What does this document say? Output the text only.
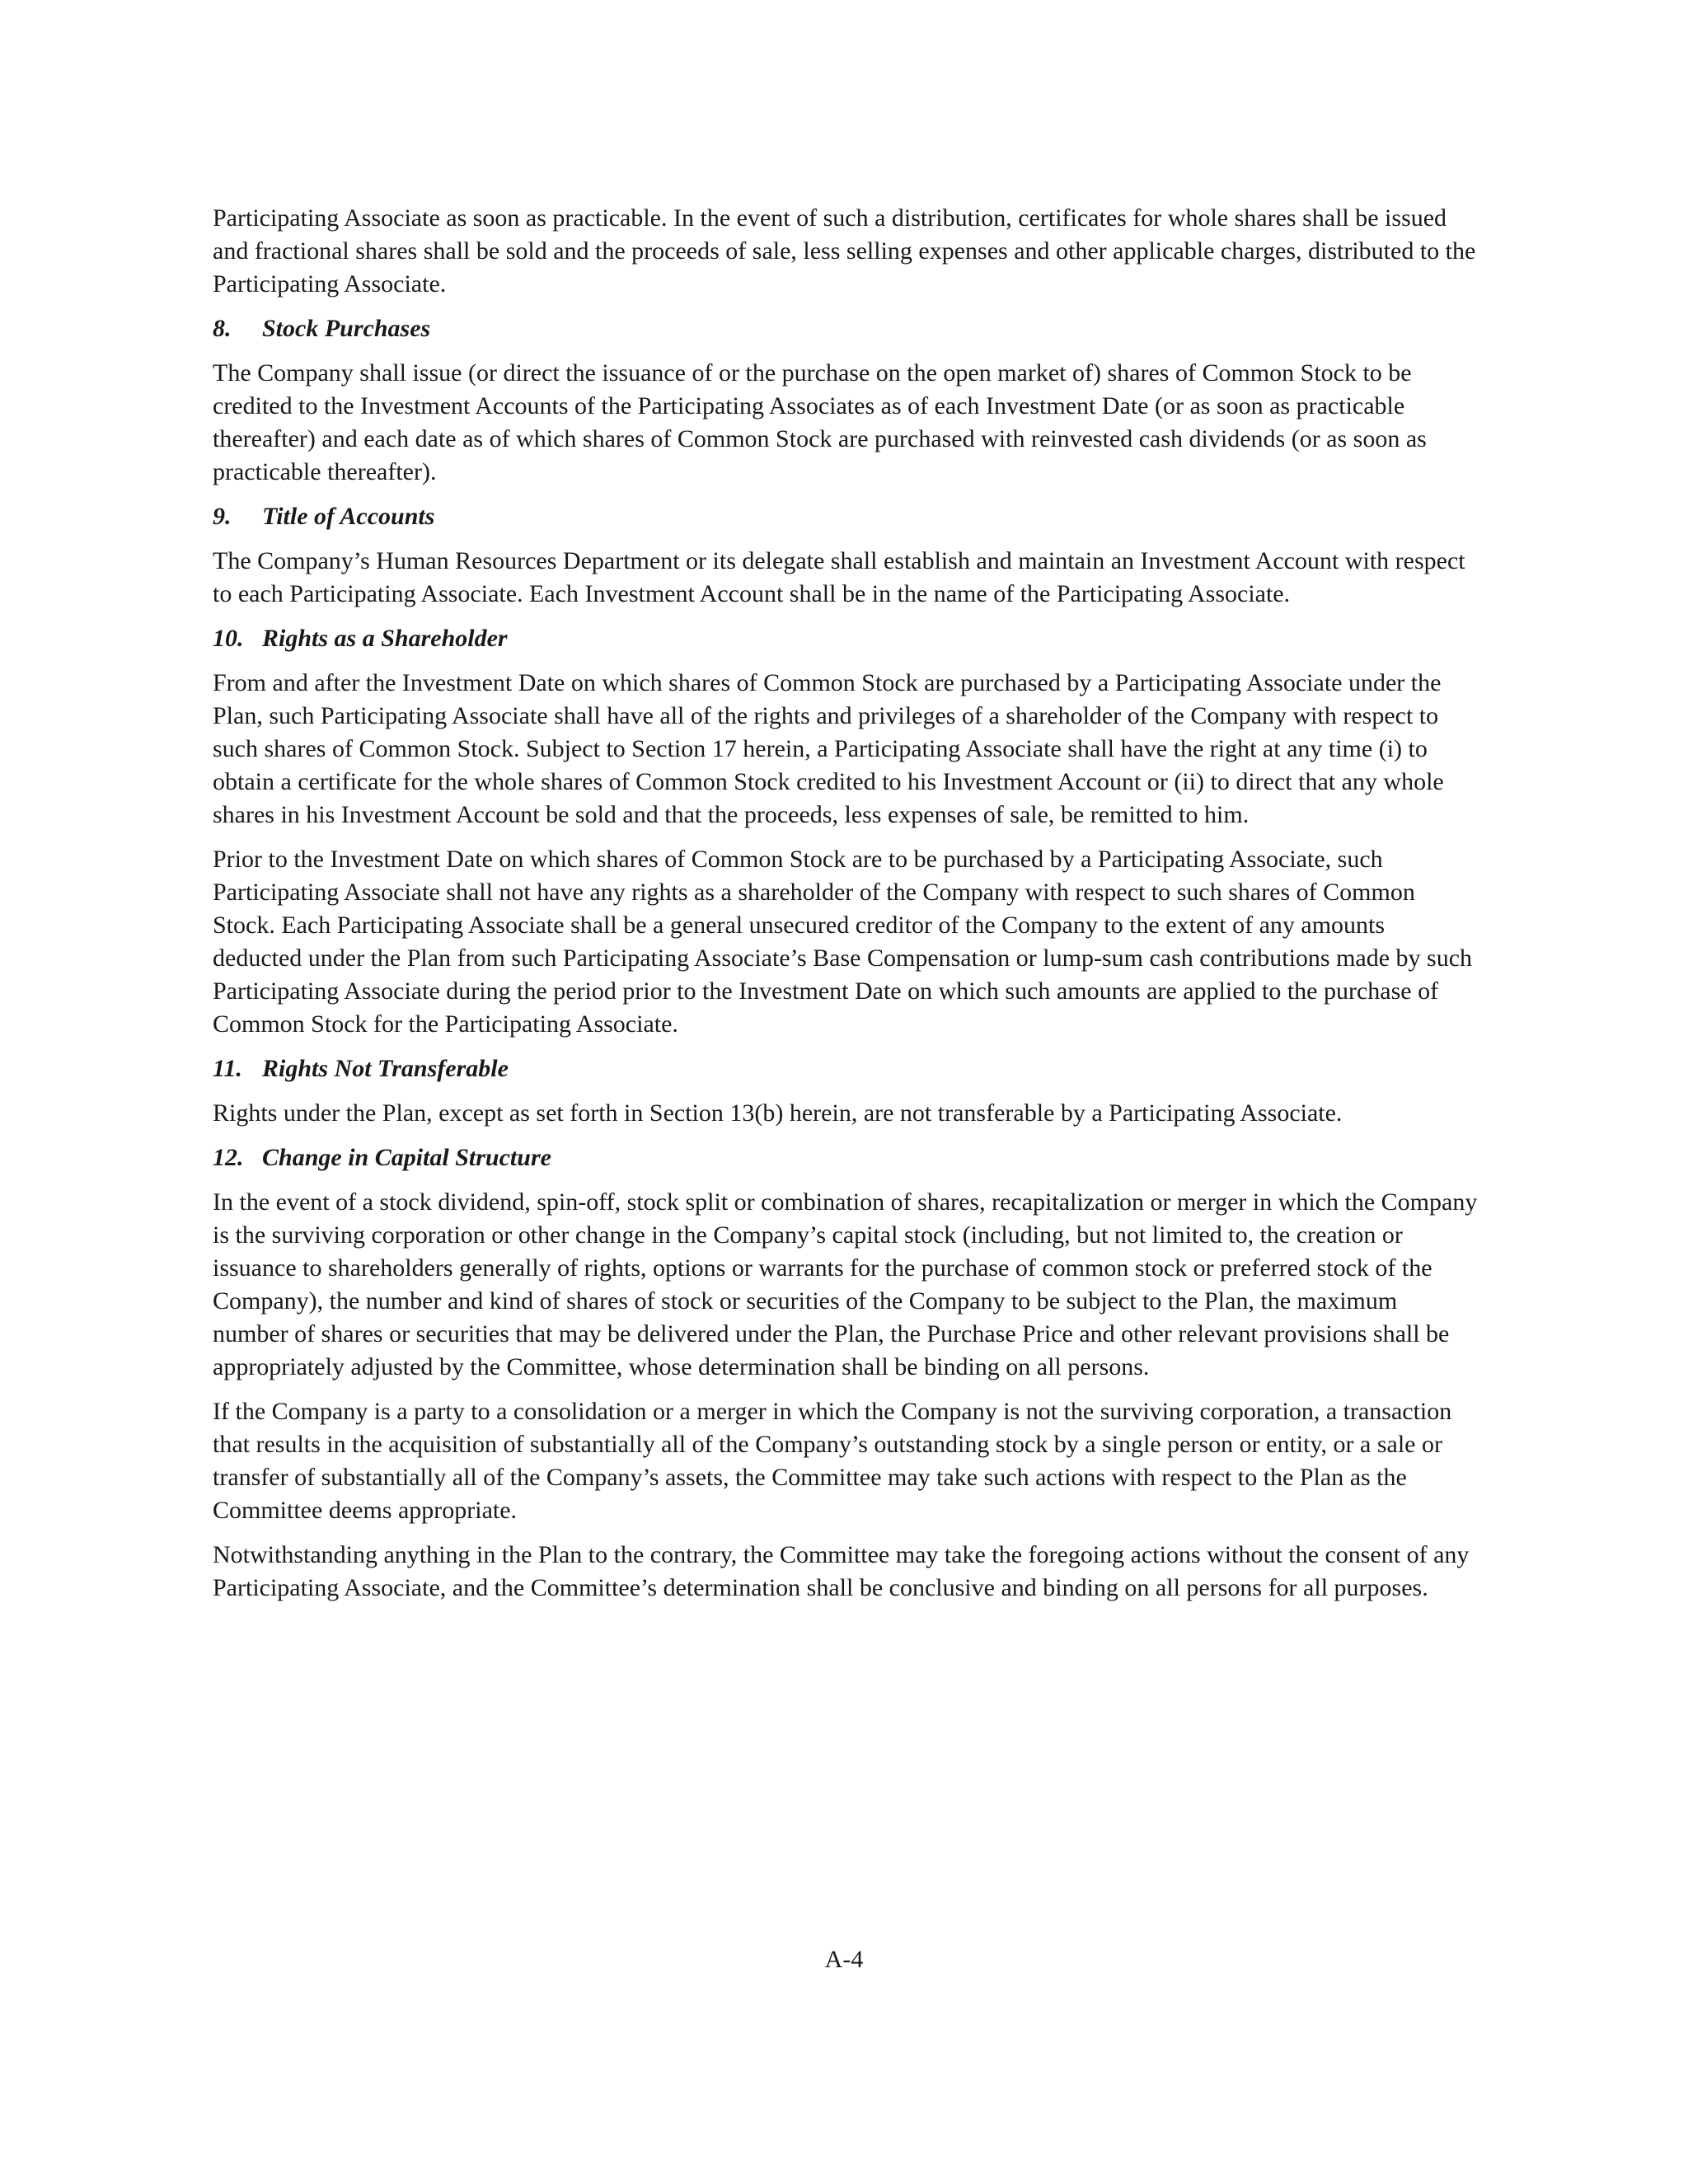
Participating Associate as soon as practicable. In the event of such a distribution, certificates for whole shares shall be issued and fractional shares shall be sold and the proceeds of sale, less selling expenses and other applicable charges, distributed to the Participating Associate.

8. Stock Purchases

The Company shall issue (or direct the issuance of or the purchase on the open market of) shares of Common Stock to be credited to the Investment Accounts of the Participating Associates as of each Investment Date (or as soon as practicable thereafter) and each date as of which shares of Common Stock are purchased with reinvested cash dividends (or as soon as practicable thereafter).

9. Title of Accounts

The Company’s Human Resources Department or its delegate shall establish and maintain an Investment Account with respect to each Participating Associate. Each Investment Account shall be in the name of the Participating Associate.

10. Rights as a Shareholder

From and after the Investment Date on which shares of Common Stock are purchased by a Participating Associate under the Plan, such Participating Associate shall have all of the rights and privileges of a shareholder of the Company with respect to such shares of Common Stock. Subject to Section 17 herein, a Participating Associate shall have the right at any time (i) to obtain a certificate for the whole shares of Common Stock credited to his Investment Account or (ii) to direct that any whole shares in his Investment Account be sold and that the proceeds, less expenses of sale, be remitted to him.

Prior to the Investment Date on which shares of Common Stock are to be purchased by a Participating Associate, such Participating Associate shall not have any rights as a shareholder of the Company with respect to such shares of Common Stock. Each Participating Associate shall be a general unsecured creditor of the Company to the extent of any amounts deducted under the Plan from such Participating Associate’s Base Compensation or lump-sum cash contributions made by such Participating Associate during the period prior to the Investment Date on which such amounts are applied to the purchase of Common Stock for the Participating Associate.

11. Rights Not Transferable

Rights under the Plan, except as set forth in Section 13(b) herein, are not transferable by a Participating Associate.

12. Change in Capital Structure

In the event of a stock dividend, spin-off, stock split or combination of shares, recapitalization or merger in which the Company is the surviving corporation or other change in the Company’s capital stock (including, but not limited to, the creation or issuance to shareholders generally of rights, options or warrants for the purchase of common stock or preferred stock of the Company), the number and kind of shares of stock or securities of the Company to be subject to the Plan, the maximum number of shares or securities that may be delivered under the Plan, the Purchase Price and other relevant provisions shall be appropriately adjusted by the Committee, whose determination shall be binding on all persons.

If the Company is a party to a consolidation or a merger in which the Company is not the surviving corporation, a transaction that results in the acquisition of substantially all of the Company’s outstanding stock by a single person or entity, or a sale or transfer of substantially all of the Company’s assets, the Committee may take such actions with respect to the Plan as the Committee deems appropriate.

Notwithstanding anything in the Plan to the contrary, the Committee may take the foregoing actions without the consent of any Participating Associate, and the Committee’s determination shall be conclusive and binding on all persons for all purposes.

A-4
